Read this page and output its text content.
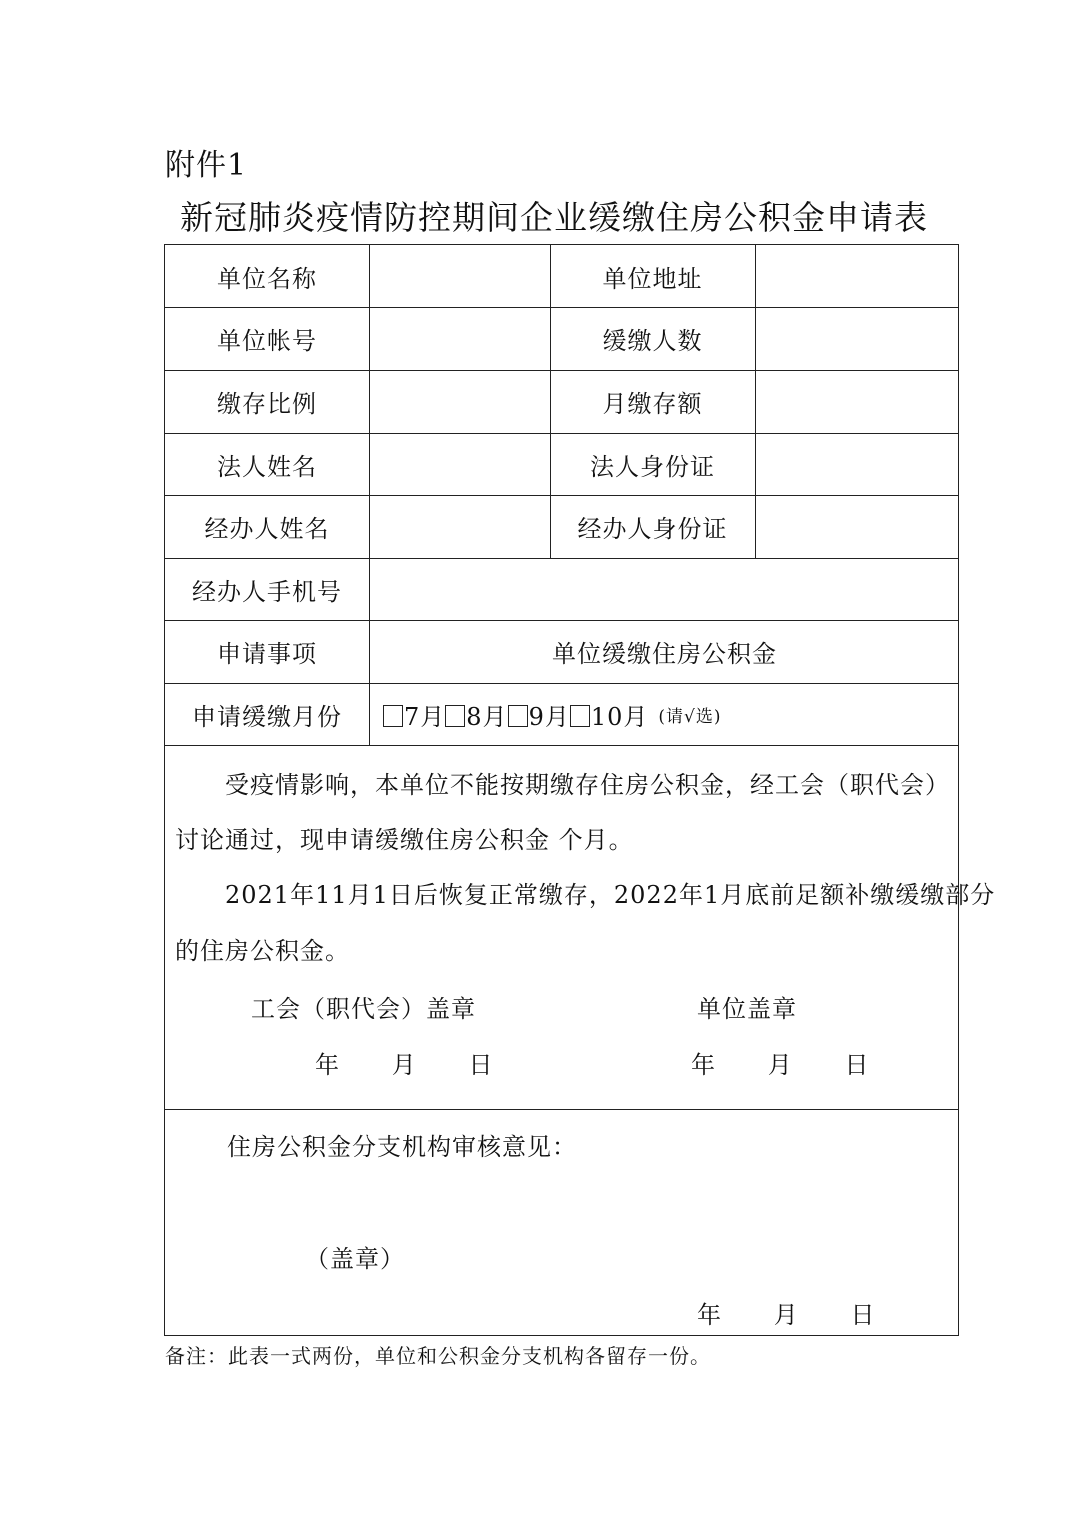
附件1
新冠肺炎疫情防控期间企业缓缴住房公积金申请表
单位名称	单位地址
单位帐号	缓缴人数
缴存比例	月缴存额
法人姓名	法人身份证
经办人姓名	经办人身份证
经办人手机号
申请事项	单位缓缴住房公积金
申请缓缴月份	7月 8月 9月 10月 (请√选)
受疫情影响，本单位不能按期缴存住房公积金，经工会（职代会）
讨论通过，现申请缓缴住房公积金 个月。
2021年11月1日后恢复正常缴存，2022年1月底前足额补缴缓缴部分
的住房公积金。
工会（职代会）盖章	单位盖章
年      月      日	年      月      日
住房公积金分支机构审核意见：
（盖章）
年      月      日
备注：此表一式两份，单位和公积金分支机构各留存一份。
